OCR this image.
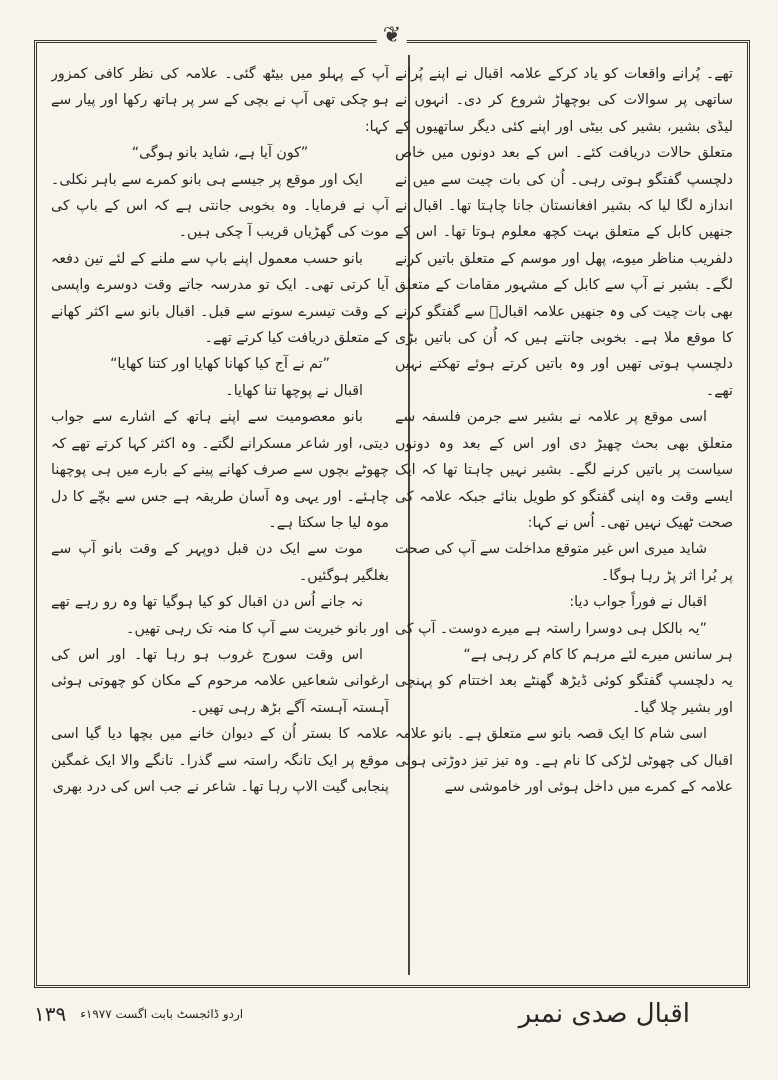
❦

تھے۔ پُرانے واقعات کو یاد کرکے علامہ اقبال نے اپنے پُرانے ساتھی پر سوالات کی بوچھاڑ شروع کر دی۔ انہوں نے لیڈی بشیر، بشیر کی بیٹی اور اپنے کئی دیگر ساتھیوں کے متعلق حالات دریافت کئے۔ اس کے بعد دونوں میں خاص دلچسپ گفتگو ہوتی رہی۔ اُن کی بات چیت سے میں نے اندازہ لگا لیا کہ بشیر افغانستان جانا چاہتا تھا۔ اقبال نے جنھیں کابل کے متعلق بہت کچھ معلوم ہوتا تھا۔ اس کے دلفریب مناظر میوے، پھل اور موسم کے متعلق باتیں کرنے لگے۔ بشیر نے آپ سے کابل کے مشہور مقامات کے متعلق بھی بات چیت کی وہ جنھیں علامہ اقبالؒ سے گفتگو کرنے کا موقع ملا ہے۔ بخوبی جانتے ہیں کہ اُن کی باتیں بڑی دلچسپ ہوتی تھیں اور وہ باتیں کرتے ہوئے تھکتے نہیں تھے۔

اسی موقع پر علامہ نے بشیر سے جرمن فلسفہ سے متعلق بھی بحث چھیڑ دی اور اس کے بعد وہ دونوں سیاست پر باتیں کرنے لگے۔ بشیر نہیں چاہتا تھا کہ ایک ایسے وقت وہ اپنی گفتگو کو طویل بنائے جبکہ علامہ کی صحت ٹھیک نہیں تھی۔ اُس نے کہا:

شاید میری اس غیر متوقع مداخلت سے آپ کی صحت پر بُرا اثر پڑ رہا ہوگا۔

اقبال نے فوراً جواب دیا:

”یہ بالکل ہی دوسرا راستہ ہے میرے دوست۔ آپ کی ہر سانس میرے لئے مرہم کا کام کر رہی ہے“

یہ دلچسپ گفتگو کوئی ڈیڑھ گھنٹے بعد اختتام کو پہنچی اور بشیر چلا گیا۔

اسی شام کا ایک قصہ بانو سے متعلق ہے۔ بانو علامہ اقبال کی چھوٹی لڑکی کا نام ہے۔ وہ تیز تیز دوڑتی ہوئی علامہ کے کمرے میں داخل ہوئی اور خاموشی سے

آپ کے پہلو میں بیٹھ گئی۔ علامہ کی نظر کافی کمزور ہو چکی تھی آپ نے بچی کے سر پر ہاتھ رکھا اور پیار سے کہا:

”کون آیا ہے، شاید بانو ہوگی“

ایک اور موقع پر جیسے ہی بانو کمرے سے باہر نکلی۔ آپ نے فرمایا۔ وہ بخوبی جانتی ہے کہ اس کے باپ کی موت کی گھڑیاں قریب آ چکی ہیں۔

بانو حسب معمول اپنے باپ سے ملنے کے لئے تین دفعہ آیا کرتی تھی۔ ایک تو مدرسہ جاتے وقت دوسرے واپسی کے وقت تیسرے سونے سے قبل۔ اقبال بانو سے اکثر کھانے کے متعلق دریافت کیا کرتے تھے۔

”تم نے آج کیا کھانا کھایا اور کتنا کھایا“

اقبال نے پوچھا تنا کھایا۔

بانو معصومیت سے اپنے ہاتھ کے اشارے سے جواب دیتی، اور شاعر مسکرانے لگتے۔ وہ اکثر کہا کرتے تھے کہ چھوٹے بچوں سے صرف کھانے پینے کے بارے میں ہی پوچھنا چاہئے۔ اور یہی وہ آسان طریقہ ہے جس سے بچّے کا دل موہ لیا جا سکتا ہے۔

موت سے ایک دن قبل دوپہر کے وقت بانو آپ سے بغلگیر ہوگئیں۔

نہ جانے اُس دن اقبال کو کیا ہوگیا تھا وہ رو رہے تھے اور بانو خیریت سے آپ کا منہ تک رہی تھیں۔

اس وقت سورج غروب ہو رہا تھا۔ اور اس کی ارغوانی شعاعیں علامہ مرحوم کے مکان کو چھوتی ہوئی آہستہ آہستہ آگے بڑھ رہی تھیں۔

علامہ کا بستر اُن کے دیوان خانے میں بچھا دیا گیا اسی موقع پر ایک تانگہ راستہ سے گذرا۔ تانگے والا ایک غمگین پنجابی گیت الاپ رہا تھا۔ شاعر نے جب اس کی درد بھری

اقبال صدی نمبر
اردو ڈائجسٹ بابت اگست ۱۹۷۷ء
۱۳۹
